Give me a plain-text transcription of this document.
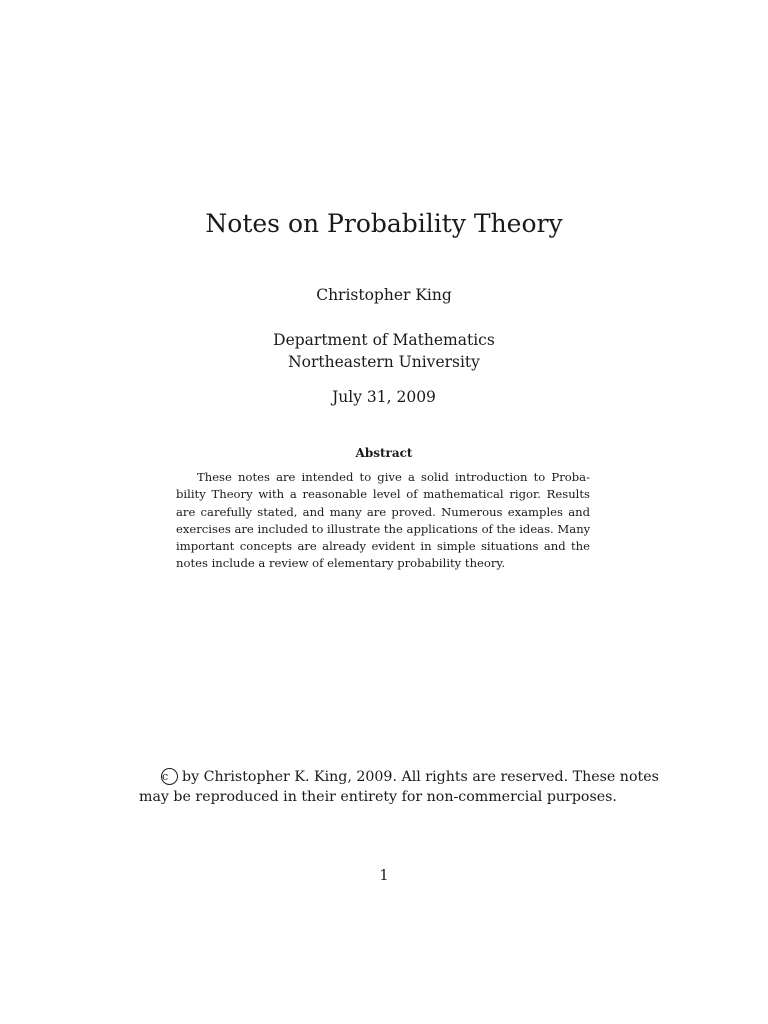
Notes on Probability Theory
Christopher King
Department of Mathematics
Northeastern University
July 31, 2009
Abstract
These notes are intended to give a solid introduction to Proba-
bility Theory with a reasonable level of mathematical rigor. Results
are carefully stated, and many are proved. Numerous examples and
exercises are included to illustrate the applications of the ideas. Many
important concepts are already evident in simple situations and the
notes include a review of elementary probability theory.
c by Christopher K. King, 2009. All rights are reserved. These notes
may be reproduced in their entirety for non-commercial purposes.
1
